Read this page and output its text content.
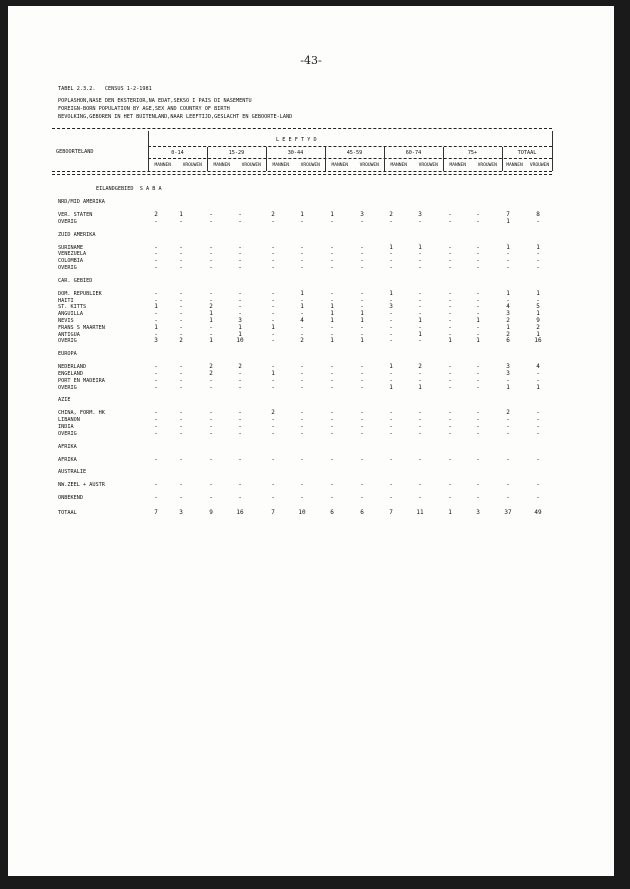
-43-
TABEL 2.3.2.   CENSUS 1-2-1981
POPLASHON,NASE DEN EKSTERIOR,NA EDAT,SEKSO I PAIS DI NASEMENTU
FOREIGN-BORN POPULATION BY AGE,SEX AND COUNTRY OF BIRTH
BEVOLKING,GEBOREN IN HET BUITENLAND,NAAR LEEFTIJD,GESLACHT EN GEBOORTE-LAND
L E E F T Y D
GEBOORTELAND
EILANDGEBIED  S A B A
0-14	15-29	30-44	45-59	60-74	75+	TOTAAL
MANNEN	VROUWEN	MANNEN	VROUWEN	MANNEN	VROUWEN	MANNEN	VROUWEN	MANNEN	VROUWEN	MANNEN	VROUWEN	MANNEN	VROUWEN
NRD/MID AMERIKA
VER. STATEN	2	1	-	-	2	1	1	3	2	3	-	-	7	8
OVERIG	-	-	-	-	-	-	-	-	-	-	-	-	1	-
ZUID AMERIKA
SURINAME	-	-	-	-	-	-	-	-	1	1	-	-	1	1
VENEZUELA	-	-	-	-	-	-	-	-	-	-	-	-	-	-
COLOMBIA	-	-	-	-	-	-	-	-	-	-	-	-	-	-
OVERIG	-	-	-	-	-	-	-	-	-	-	-	-	-	-
CAR. GEBIED
DOM. REPUBLIEK	-	-	-	-	-	1	-	-	1	-	-	-	1	1
HAITI	-	-	-	-	-	-	-	-	-	-	-	-	-	-
ST. KITTS	1	-	2	-	-	1	1	-	3	-	-	-	4	5
ANGUILLA	-	-	1	-	-	-	1	1	-	-	-	-	3	1
NEVIS	-	-	1	3	-	4	1	1	-	1	-	1	2	9
FRANS S MAARTEN	1	-	-	1	1	-	-	-	-	-	-	-	1	2
ANTIGUA	-	-	-	1	-	-	-	-	-	1	-	-	2	1
OVERIG	3	2	1	10	-	2	1	1	-	-	1	1	6	16
EUROPA
NEDERLAND	-	-	2	2	-	-	-	-	1	2	-	-	3	4
ENGELAND	-	-	2	-	1	-	-	-	-	-	-	-	3	-
PORT EN MADEIRA	-	-	-	-	-	-	-	-	-	-	-	-	-	-
OVERIG	-	-	-	-	-	-	-	-	1	1	-	-	1	1
AZIE
CHINA, FORM. HK	-	-	-	-	2	-	-	-	-	-	-	-	2	-
LIBANON	-	-	-	-	-	-	-	-	-	-	-	-	-	-
INDIA	-	-	-	-	-	-	-	-	-	-	-	-	-	-
OVERIG	-	-	-	-	-	-	-	-	-	-	-	-	-	-
AFRIKA
AFRIKA	-	-	-	-	-	-	-	-	-	-	-	-	-	-
AUSTRALIE
NW.ZEEL + AUSTR	-	-	-	-	-	-	-	-	-	-	-	-	-	-
ONBEKEND	-	-	-	-	-	-	-	-	-	-	-	-	-	-
TOTAAL	7	3	9	16	7	10	6	6	7	11	1	3	37	49
